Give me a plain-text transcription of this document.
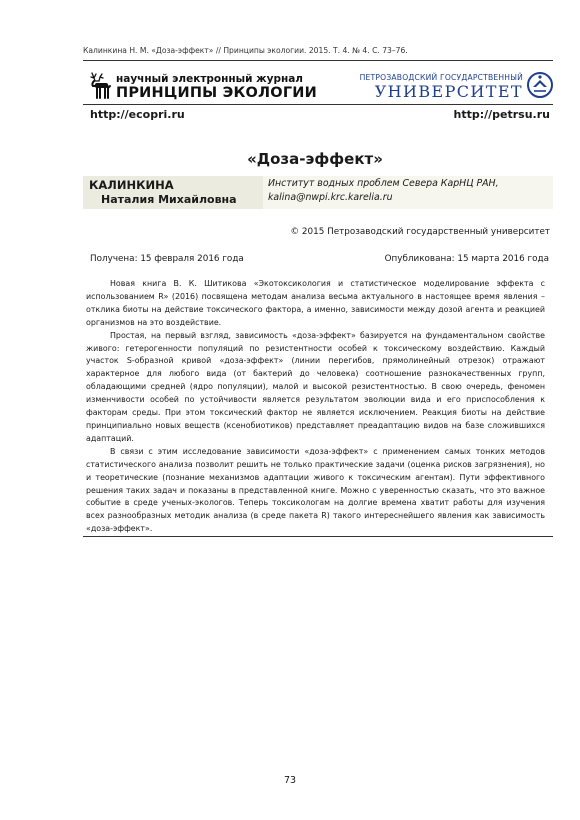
Калинкина Н. М. «Доза-эффект» // Принципы экологии. 2015. Т. 4. № 4. С. 73–76.
научный электронный журнал
ПРИНЦИПЫ ЭКОЛОГИИ
ПЕТРОЗАВОДСКИЙ ГОСУДАРСТВЕННЫЙ
УНИВЕРСИТЕТ
http://ecopri.ru	http://petrsu.ru
«Доза-эффект»
КАЛИНКИНА
Наталия Михайловна
Институт водных проблем Севера КарНЦ РАН,
kalina@nwpi.krc.karelia.ru
© 2015 Петрозаводский государственный университет
Получена: 15 февраля 2016 года	Опубликована: 15 марта 2016 года

Новая книга В. К. Шитикова «Экотоксикология и статистическое моделирование эффекта с использованием R» (2016) посвящена методам анализа весьма актуального в настоящее время явления – отклика биоты на действие токсического фактора, а именно, зависимости между дозой агента и реакцией организмов на это воздействие.

Простая, на первый взгляд, зависимость «доза-эффект» базируется на фундаментальном свойстве живого: гетерогенности популяций по резистентности особей к токсическому воздействию. Каждый участок S-образной кривой «доза-эффект» (линии перегибов, прямолинейный отрезок) отражают характерное для любого вида (от бактерий до человека) соотношение разнокачественных групп, обладающими средней (ядро популяции), малой и высокой резистентностью. В свою очередь, феномен изменчивости особей по устойчивости является результатом эволюции вида и его приспособления к факторам среды. При этом токсический фактор не является исключением. Реакция биоты на действие принципиально новых веществ (ксенобиотиков) представляет преадаптацию видов на базе сложившихся адаптаций.

В связи с этим исследование зависимости «доза-эффект» с применением самых тонких методов статистического анализа позволит решить не только практические задачи (оценка рисков загрязнения), но и теоретические (познание механизмов адаптации живого к токсическим агентам). Пути эффективного решения таких задач и показаны в представленной книге. Можно с уверенностью сказать, что это важное событие в среде ученых-экологов. Теперь токсикологам на долгие времена хватит работы для изучения всех разнообразных методик анализа (в среде пакета R) такого интереснейшего явления как зависимость «доза-эффект».

73
